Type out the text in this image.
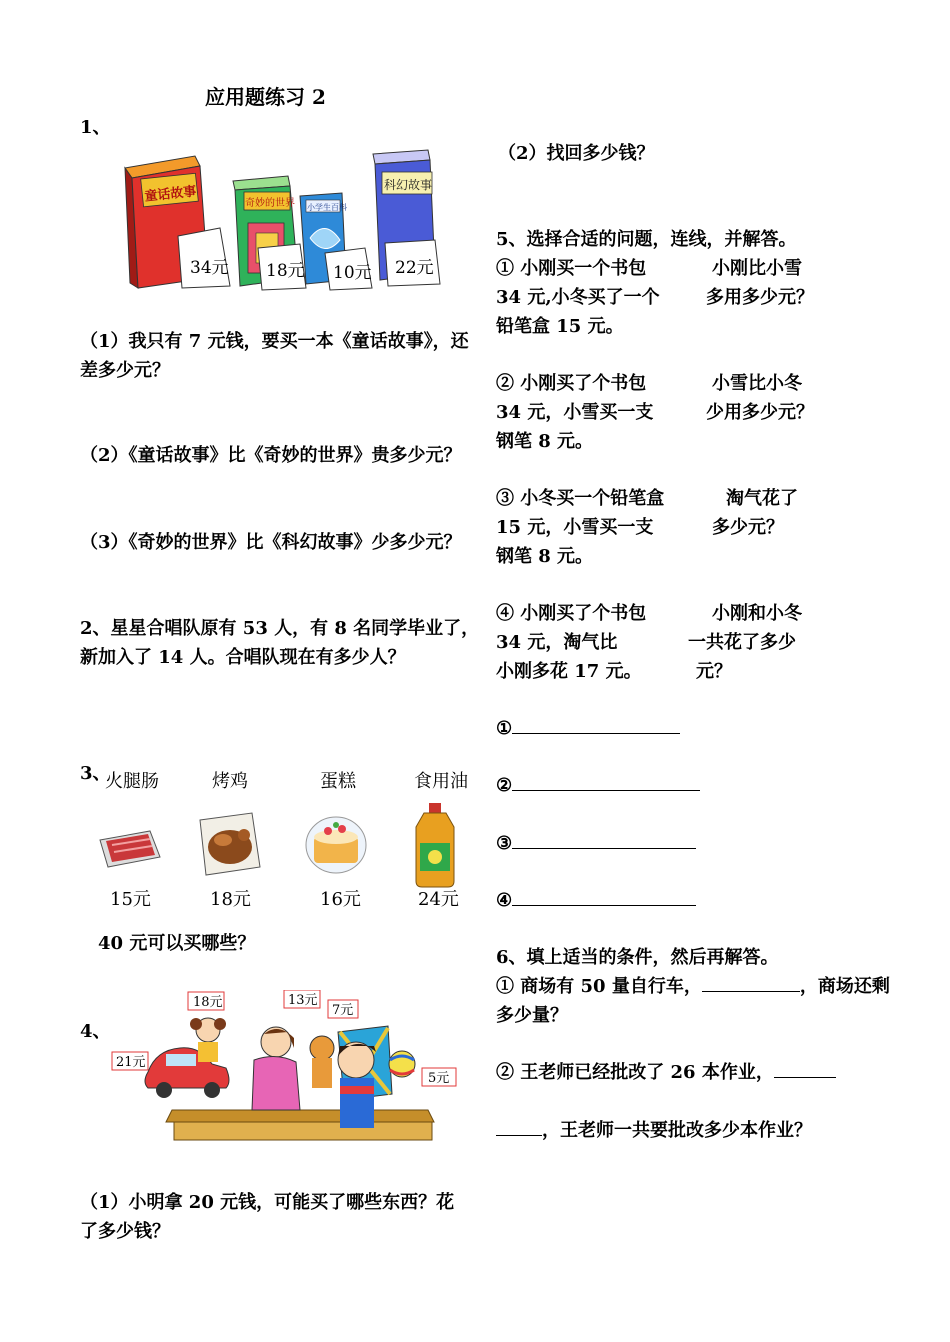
应用题练习 2
1、
童话故事
34元
奇妙的世界
18元
小学生百科
10元
科幻故事
22元
（1）我只有 7 元钱，要买一本《童话故事》，还
差多少元？
（2）《童话故事》比《奇妙的世界》贵多少元？
（3）《奇妙的世界》比《科幻故事》少多少元？
2、星星合唱队原有 53 人，有 8 名同学毕业了，
新加入了 14 人。合唱队现在有多少人？
3、
火腿肠	烤鸡	蛋糕	食用油
15元	18元	16元	24元
40 元可以买哪些？
4、
18元	13元
7元
21元
5元
（1）小明拿 20 元钱，可能买了哪些东西？花
了多少钱？
（2）找回多少钱？
5、选择合适的问题，连线，并解答。
① 小刚买一个书包
34 元,小冬买了一个
铅笔盒 15 元。
小刚比小雪
多用多少元？
② 小刚买了个书包
34 元，小雪买一支
钢笔 8 元。
小雪比小冬
少用多少元？
③ 小冬买一个铅笔盒
15 元，小雪买一支
钢笔 8 元。
淘气花了
多少元？
④ 小刚买了个书包
34 元，淘气比
小刚多花 17 元。
小刚和小冬
一共花了多少
元？
①
②
③
④
6、填上适当的条件，然后再解答。
① 商场有 50 量自行车，	，商场还剩
多少量？
② 王老师已经批改了 26 本作业，
，王老师一共要批改多少本作业？
